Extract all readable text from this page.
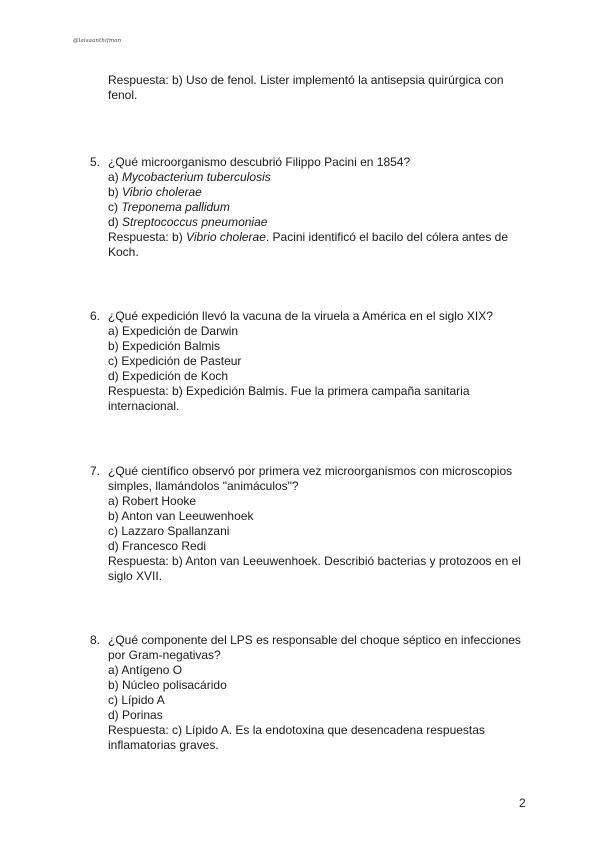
@laisaanthifman
Respuesta: b) Uso de fenol. Lister implementó la antisepsia quirúrgica con fenol.
5. ¿Qué microorganismo descubrió Filippo Pacini en 1854?
a) Mycobacterium tuberculosis
b) Vibrio cholerae
c) Treponema pallidum
d) Streptococcus pneumoniae
Respuesta: b) Vibrio cholerae. Pacini identificó el bacilo del cólera antes de Koch.
6. ¿Qué expedición llevó la vacuna de la viruela a América en el siglo XIX?
a) Expedición de Darwin
b) Expedición Balmis
c) Expedición de Pasteur
d) Expedición de Koch
Respuesta: b) Expedición Balmis. Fue la primera campaña sanitaria internacional.
7. ¿Qué científico observó por primera vez microorganismos con microscopios simples, llamándolos "animáculos"?
a) Robert Hooke
b) Anton van Leeuwenhoek
c) Lazzaro Spallanzani
d) Francesco Redi
Respuesta: b) Anton van Leeuwenhoek. Describió bacterias y protozoos en el siglo XVII.
8. ¿Qué componente del LPS es responsable del choque séptico en infecciones por Gram-negativas?
a) Antígeno O
b) Núcleo polisacárido
c) Lípido A
d) Porinas
Respuesta: c) Lípido A. Es la endotoxina que desencadena respuestas inflamatorias graves.
2
